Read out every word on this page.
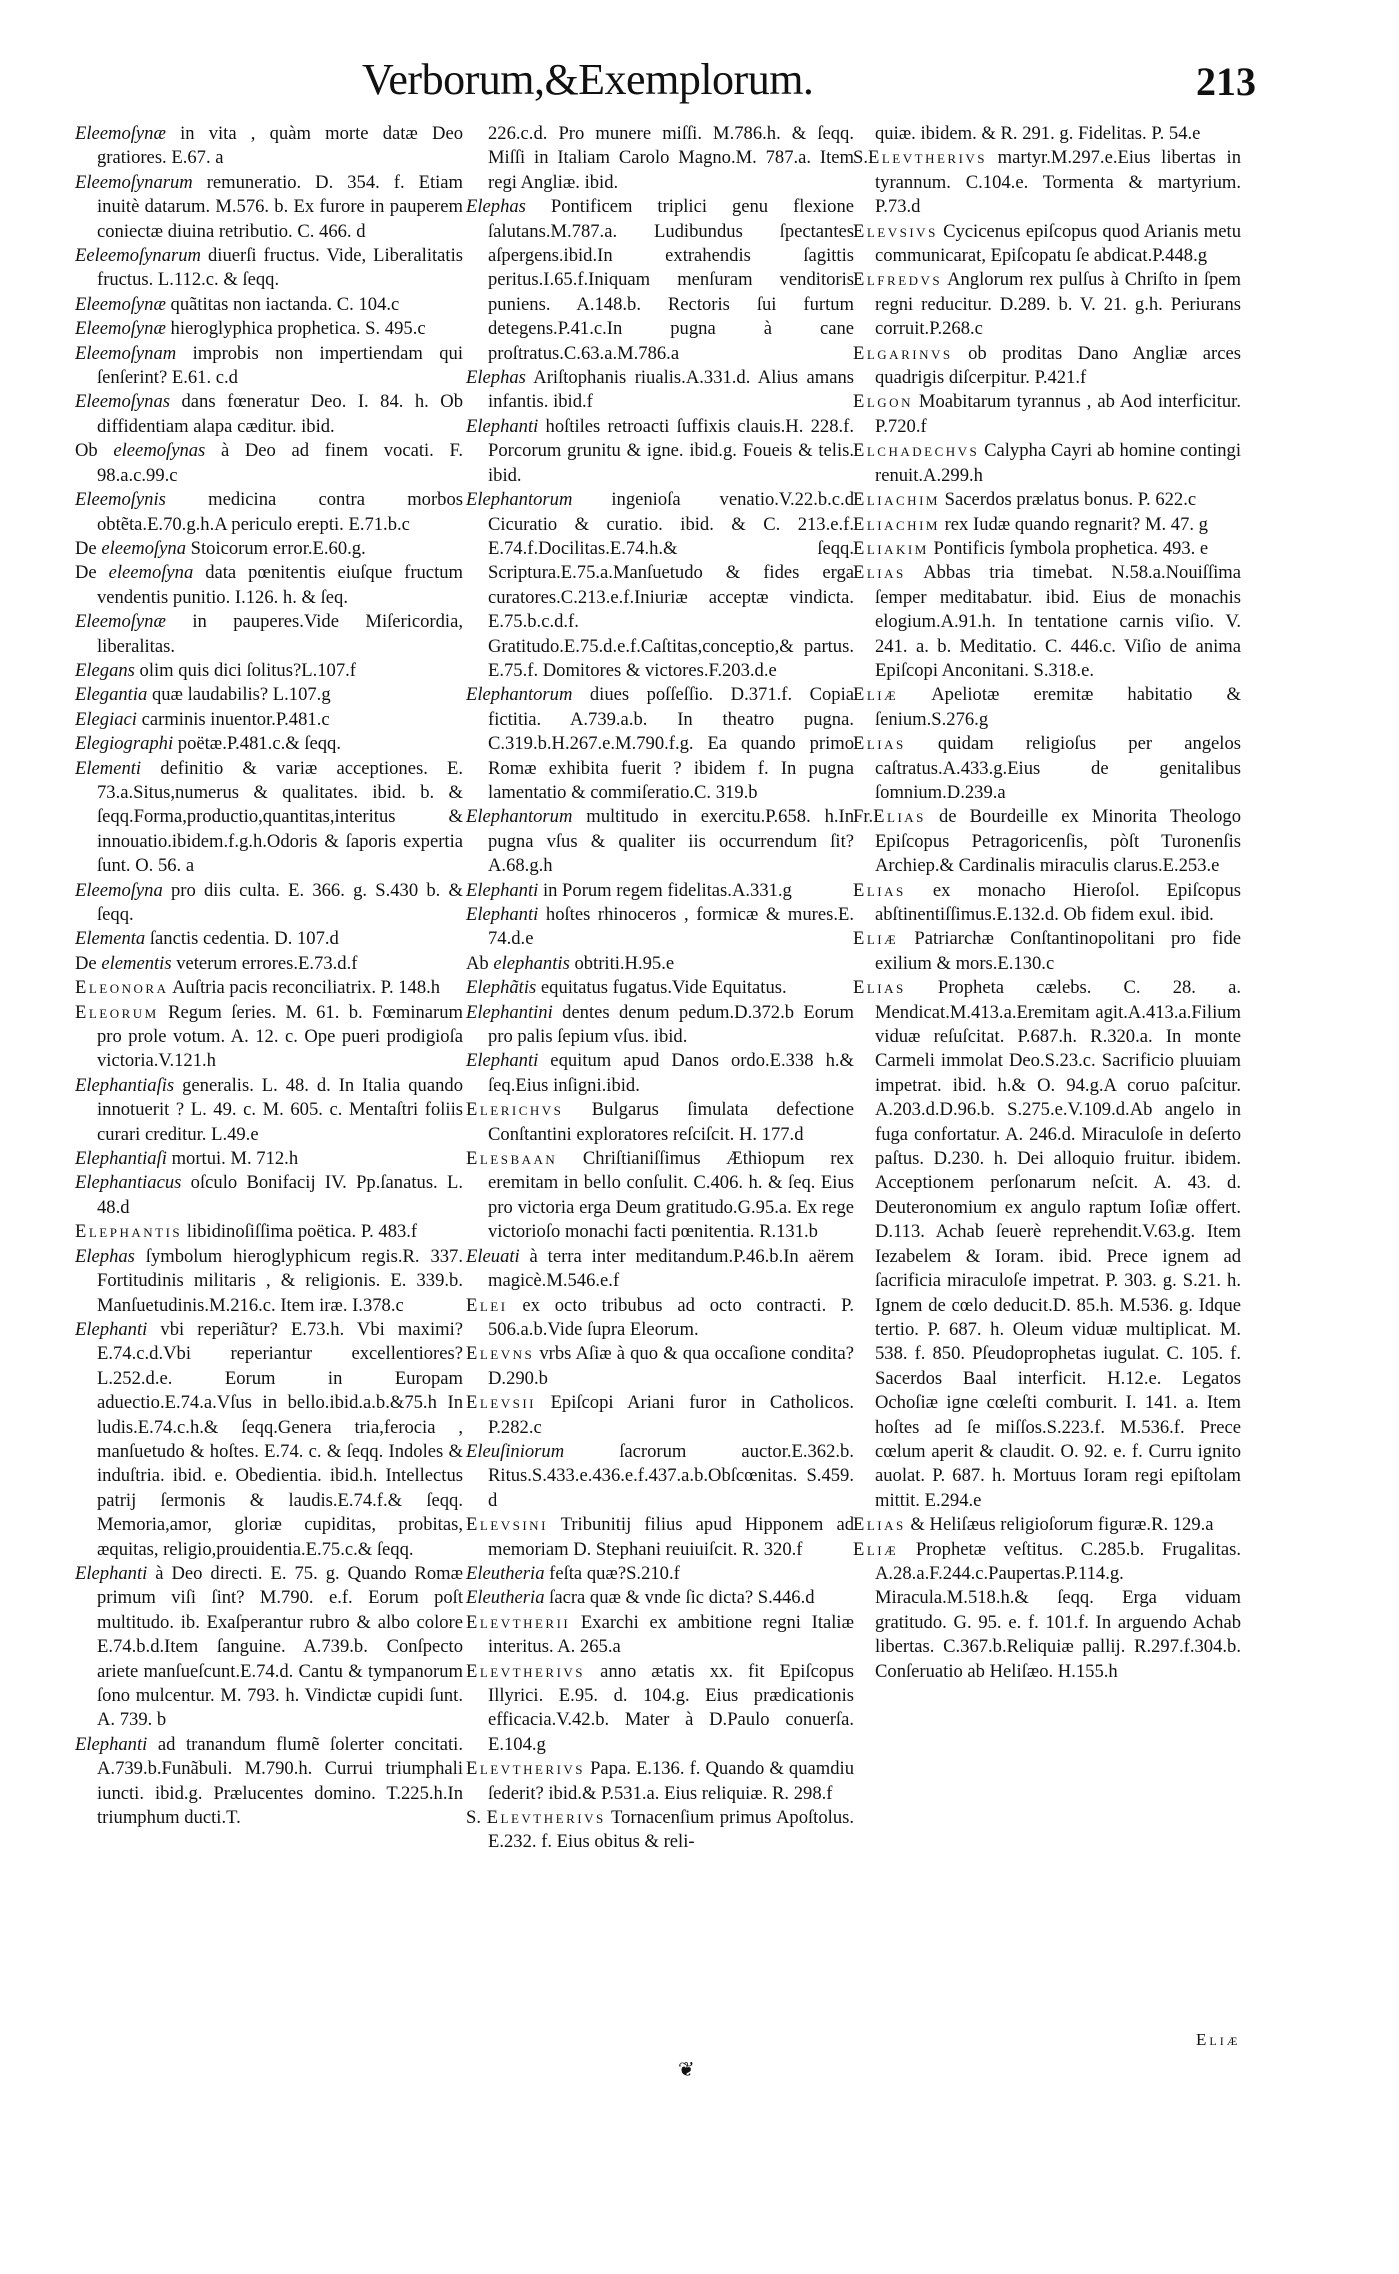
Verborum,&Exemplorum.	213

Eleemoſynæ in vita , quàm morte datæ Deo gratiores. E.67. a

Eleemoſynarum remuneratio. D. 354. f. Etiam inuitè datarum. M.576. b. Ex furore in pauperem coniectæ diuina retributio. C. 466. d

Eeleemoſynarum diuerſi fructus. Vide, Liberalitatis fructus. L.112.c. & ſeqq.

Eleemoſynæ quãtitas non iactanda. C. 104.c

Eleemoſynæ hieroglyphica prophetica. S. 495.c

Eleemoſynam improbis non impertiendam qui ſenſerint? E.61. c.d

Eleemoſynas dans fœneratur Deo. I. 84. h. Ob diffidentiam alapa cæditur. ibid.

Ob eleemoſynas à Deo ad finem vocati. F. 98.a.c.99.c

Eleemoſynis medicina contra morbos obtẽta.E.70.g.h.A periculo erepti. E.71.b.c

De eleemoſyna Stoicorum error.E.60.g.

De eleemoſyna data pœnitentis eiuſque fructum vendentis punitio. I.126. h. & ſeq.

Eleemoſynæ in pauperes.Vide Miſericordia, liberalitas.

Elegans olim quis dici ſolitus?L.107.f

Elegantia quæ laudabilis? L.107.g

Elegiaci carminis inuentor.P.481.c

Elegiographi poëtæ.P.481.c.& ſeqq.

Elementi definitio & variæ acceptiones. E. 73.a.Situs,numerus & qualitates. ibid. b. & ſeqq.Forma,productio,quantitas,interitus & innouatio.ibidem.f.g.h.Odoris & ſaporis expertia ſunt. O. 56. a

Eleemoſyna pro diis culta. E. 366. g. S.430 b. & ſeqq.

Elementa ſanctis cedentia. D. 107.d

De elementis veterum errores.E.73.d.f

Eleonora Auſtria pacis reconciliatrix. P. 148.h

Eleorum Regum ſeries. M. 61. b. Fœminarum pro prole votum. A. 12. c. Ope pueri prodigioſa victoria.V.121.h

Elephantiaſis generalis. L. 48. d. In Italia quando innotuerit ? L. 49. c. M. 605. c. Mentaſtri foliis curari creditur. L.49.e

Elephantiaſi mortui. M. 712.h

Elephantiacus oſculo Bonifacij IV. Pp.ſanatus. L. 48.d

Elephantis libidinoſiſſima poëtica. P. 483.f

Elephas ſymbolum hieroglyphicum regis.R. 337. Fortitudinis militaris , & religionis. E. 339.b. Manſuetudinis.M.216.c. Item iræ. I.378.c

Elephanti vbi reperiãtur? E.73.h. Vbi maximi?E.74.c.d.Vbi reperiantur excellentiores?L.252.d.e. Eorum in Europam aduectio.E.74.a.Vſus in bello.ibid.a.b.&75.h In ludis.E.74.c.h.& ſeqq.Genera tria,ferocia , manſuetudo & hoſtes. E.74. c. & ſeqq. Indoles & induſtria. ibid. e. Obedientia. ibid.h. Intellectus patrij ſermonis & laudis.E.74.f.& ſeqq. Memoria,amor, gloriæ cupiditas, probitas, æquitas, religio,prouidentia.E.75.c.& ſeqq.

Elephanti à Deo directi. E. 75. g. Quando Romæ primum viſi ſint? M.790. e.f. Eorum poſt multitudo. ib. Exaſperantur rubro & albo colore E.74.b.d.Item ſanguine. A.739.b. Conſpecto ariete manſueſcunt.E.74.d. Cantu & tympanorum ſono mulcentur. M. 793. h. Vindictæ cupidi ſunt. A. 739. b

Elephanti ad tranandum flumẽ ſolerter concitati. A.739.b.Funãbuli. M.790.h. Currui triumphali iuncti. ibid.g. Prælucentes domino. T.225.h.In triumphum ducti.T.

226.c.d. Pro munere miſſi. M.786.h. & ſeqq. Miſſi in Italiam Carolo Magno.M. 787.a. Item regi Angliæ. ibid.

Elephas Pontificem triplici genu flexione ſalutans.M.787.a. Ludibundus ſpectantes aſpergens.ibid.In extrahendis ſagittis peritus.I.65.f.Iniquam menſuram venditoris puniens. A.148.b. Rectoris ſui furtum detegens.P.41.c.In pugna à cane proſtratus.C.63.a.M.786.a

Elephas Ariſtophanis riualis.A.331.d. Alius amans infantis. ibid.f

Elephanti hoſtiles retroacti ſuffixis clauis.H. 228.f. Porcorum grunitu & igne. ibid.g. Foueis & telis. ibid.

Elephantorum ingenioſa venatio.V.22.b.c.d Cicuratio & curatio. ibid. & C. 213.e.f. E.74.f.Docilitas.E.74.h.& ſeqq. Scriptura.E.75.a.Manſuetudo & fides erga curatores.C.213.e.f.Iniuriæ acceptæ vindicta. E.75.b.c.d.f. Gratitudo.E.75.d.e.f.Caſtitas,conceptio,& partus. E.75.f. Domitores & victores.F.203.d.e

Elephantorum diues poſſeſſio. D.371.f. Copia fictitia. A.739.a.b. In theatro pugna. C.319.b.H.267.e.M.790.f.g. Ea quando primo Romæ exhibita fuerit ? ibidem f. In pugna lamentatio & commiſeratio.C. 319.b

Elephantorum multitudo in exercitu.P.658. h.In pugna vſus & qualiter iis occurrendum ſit? A.68.g.h

Elephanti in Porum regem fidelitas.A.331.g

Elephanti hoſtes rhinoceros , formicæ & mures.E. 74.d.e

Ab elephantis obtriti.H.95.e

Elephãtis equitatus fugatus.Vide Equitatus.

Elephantini dentes denum pedum.D.372.b Eorum pro palis ſepium vſus. ibid.

Elephanti equitum apud Danos ordo.E.338 h.& ſeq.Eius inſigni.ibid.

Elerichvs Bulgarus ſimulata defectione Conſtantini exploratores reſciſcit. H. 177.d

Elesbaan Chriſtianiſſimus Æthiopum rex eremitam in bello conſulit. C.406. h. & ſeq. Eius pro victoria erga Deum gratitudo.G.95.a. Ex rege victorioſo monachi facti pœnitentia. R.131.b

Eleuati à terra inter meditandum.P.46.b.In aërem magicè.M.546.e.f

Elei ex octo tribubus ad octo contracti. P. 506.a.b.Vide ſupra Eleorum.

Elevns vrbs Aſiæ à quo & qua occaſione condita? D.290.b

Elevsii Epiſcopi Ariani furor in Catholicos. P.282.c

Eleuſiniorum ſacrorum auctor.E.362.b. Ritus.S.433.e.436.e.f.437.a.b.Obſcœnitas. S.459. d

Elevsini Tribunitij filius apud Hipponem ad memoriam D. Stephani reuiuiſcit. R. 320.f

Eleutheria feſta quæ?S.210.f

Eleutheria ſacra quæ & vnde ſic dicta? S.446.d

Elevtherii Exarchi ex ambitione regni Italiæ interitus. A. 265.a

Elevtherivs anno ætatis xx. fit Epiſcopus Illyrici. E.95. d. 104.g. Eius prædicationis efficacia.V.42.b. Mater à D.Paulo conuerſa. E.104.g

Elevtherivs Papa. E.136. f. Quando & quamdiu ſederit? ibid.& P.531.a. Eius reliquiæ. R. 298.f

S. Elevtherivs Tornacenſium primus Apoſtolus. E.232. f. Eius obitus & reli-

quiæ. ibidem. & R. 291. g. Fidelitas. P. 54.e

S.Elevtherivs martyr.M.297.e.Eius libertas in tyrannum. C.104.e. Tormenta & martyrium. P.73.d

Elevsivs Cycicenus epiſcopus quod Arianis metu communicarat, Epiſcopatu ſe abdicat.P.448.g

Elfredvs Anglorum rex pulſus à Chriſto in ſpem regni reducitur. D.289. b. V. 21. g.h. Periurans corruit.P.268.c

Elgarinvs ob proditas Dano Angliæ arces quadrigis diſcerpitur. P.421.f

Elgon Moabitarum tyrannus , ab Aod interficitur. P.720.f

Elchadechvs Calypha Cayri ab homine contingi renuit.A.299.h

Eliachim Sacerdos prælatus bonus. P. 622.c

Eliachim rex Iudæ quando regnarit? M. 47. g

Eliakim Pontificis ſymbola prophetica. 493. e

Elias Abbas tria timebat. N.58.a.Nouiſſima ſemper meditabatur. ibid. Eius de monachis elogium.A.91.h. In tentatione carnis viſio. V. 241. a. b. Meditatio. C. 446.c. Viſio de anima Epiſcopi Anconitani. S.318.e.

Eliæ Apeliotæ eremitæ habitatio & ſenium.S.276.g

Elias quidam religioſus per angelos caſtratus.A.433.g.Eius de genitalibus ſomnium.D.239.a

Fr.Elias de Bourdeille ex Minorita Theologo Epiſcopus Petragoricenſis, pòſt Turonenſis Archiep.& Cardinalis miraculis clarus.E.253.e

Elias ex monacho Hieroſol. Epiſcopus abſtinentiſſimus.E.132.d. Ob fidem exul. ibid.

Eliæ Patriarchæ Conſtantinopolitani pro fide exilium & mors.E.130.c

Elias Propheta cælebs. C. 28. a. Mendicat.M.413.a.Eremitam agit.A.413.a.Filium viduæ reſuſcitat. P.687.h. R.320.a. In monte Carmeli immolat Deo.S.23.c. Sacrificio pluuiam impetrat. ibid. h.& O. 94.g.A coruo paſcitur. A.203.d.D.96.b. S.275.e.V.109.d.Ab angelo in fuga confortatur. A. 246.d. Miraculoſe in deſerto paſtus. D.230. h. Dei alloquio fruitur. ibidem. Acceptionem perſonarum neſcit. A. 43. d. Deuteronomium ex angulo raptum Ioſiæ offert. D.113. Achab ſeuerè reprehendit.V.63.g. Item Iezabelem & Ioram. ibid. Prece ignem ad ſacrificia miraculoſe impetrat. P. 303. g. S.21. h. Ignem de cœlo deducit.D. 85.h. M.536. g. Idque tertio. P. 687. h. Oleum viduæ multiplicat. M. 538. f. 850. Pſeudoprophetas iugulat. C. 105. f. Sacerdos Baal interficit. H.12.e. Legatos Ochoſiæ igne cœleſti comburit. I. 141. a. Item hoſtes ad ſe miſſos.S.223.f. M.536.f. Prece cœlum aperit & claudit. O. 92. e. f. Curru ignito auolat. P. 687. h. Mortuus Ioram regi epiſtolam mittit. E.294.e

Elias & Heliſæus religioſorum figuræ.R. 129.a

Eliæ Prophetæ veſtitus. C.285.b. Frugalitas. A.28.a.F.244.c.Paupertas.P.114.g. Miracula.M.518.h.& ſeqq. Erga viduam gratitudo. G. 95. e. f. 101.f. In arguendo Achab libertas. C.367.b.Reliquiæ pallij. R.297.f.304.b. Conſeruatio ab Heliſæo. H.155.h

Eliæ
❦
